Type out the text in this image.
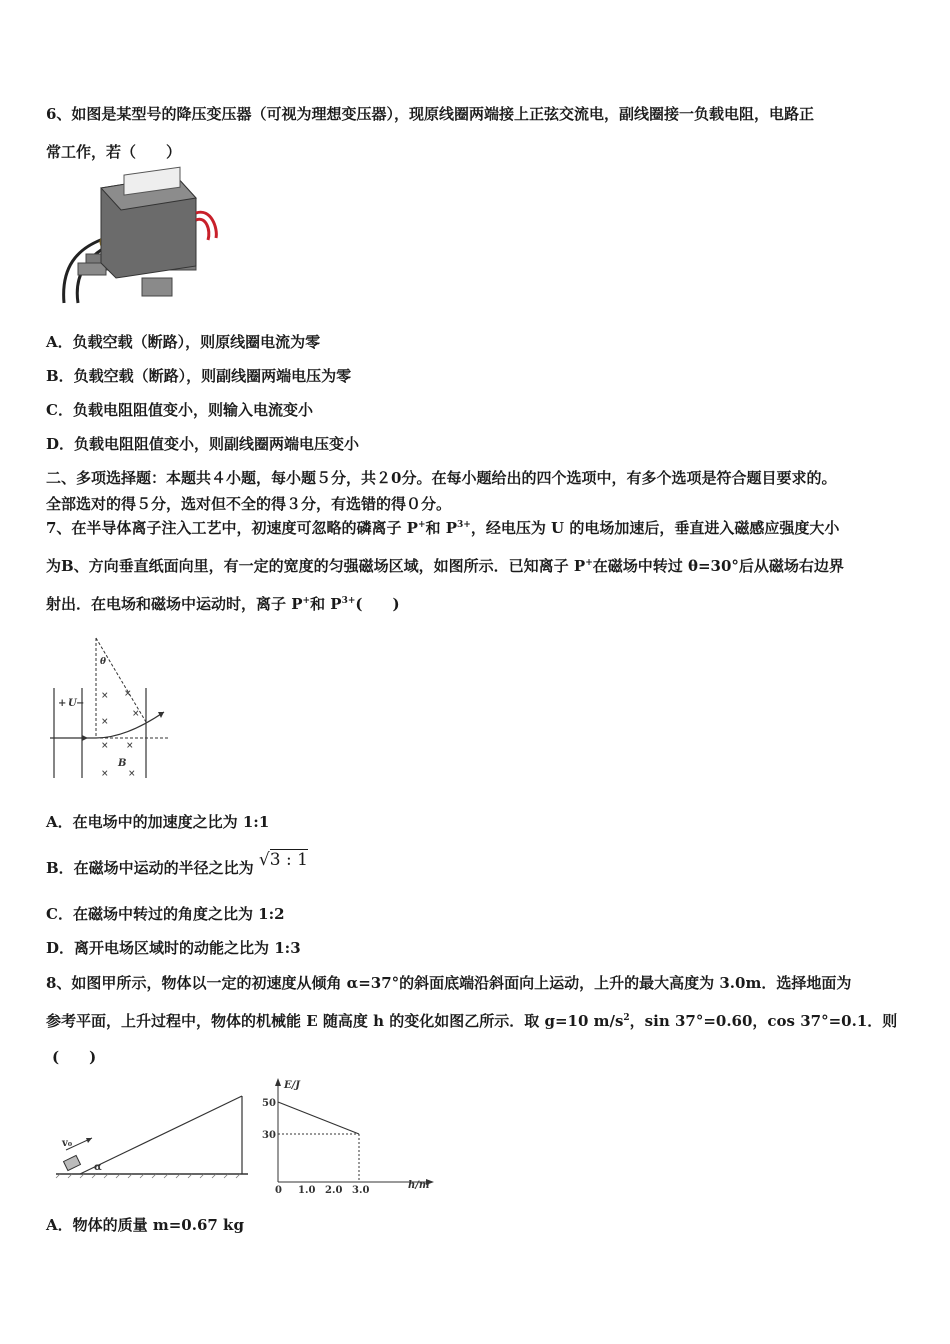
6、如图是某型号的降压变压器（可视为理想变压器），现原线圈两端接上正弦交流电，副线圈接一负载电阻，电路正
常工作，若（　　）
A．负载空载（断路），则原线圈电流为零
B．负载空载（断路），则副线圈两端电压为零
C．负载电阻阻值变小，则输入电流变小
D．负载电阻阻值变小，则副线圈两端电压变小
二、多项选择题：本题共４小题，每小题５分，共２0分。在每小题给出的四个选项中，有多个选项是符合题目要求的。
全部选对的得５分，选对但不全的得３分，有选错的得０分。
7、在半导体离子注入工艺中，初速度可忽略的磷离子 P+和 $P^{3+}$，经电压为 U 的电场加速后，垂直进入磁感应强度大小
为B、方向垂直纸面向里，有一定的宽度的匀强磁场区域，如图所示．已知离子 P+在磁场中转过 θ=30°后从磁场右边界
射出．在电场和磁场中运动时，离子 P+和 $P^{3+}$(　　)
+ U −
B
θ
× ×
×
×
× ×
× ×
A．在电场中的加速度之比为 1:1
B．在磁场中运动的半径之比为 √3 : 1
C．在磁场中转过的角度之比为 1:2
D．离开电场区域时的动能之比为 1:3
8、如图甲所示，物体以一定的初速度从倾角 α=37°的斜面底端沿斜面向上运动，上升的最大高度为 3.0m．选择地面为
参考平面，上升过程中，物体的机械能 E 随高度 h 的变化如图乙所示．取 g=10 $m/s^2$，sin 37°=0.60，cos 37°=0.1．则
(　　)
v₀
α
E/J
h/m
0 1.0 2.0 3.0
50
30
A．物体的质量 m=0.67 kg
